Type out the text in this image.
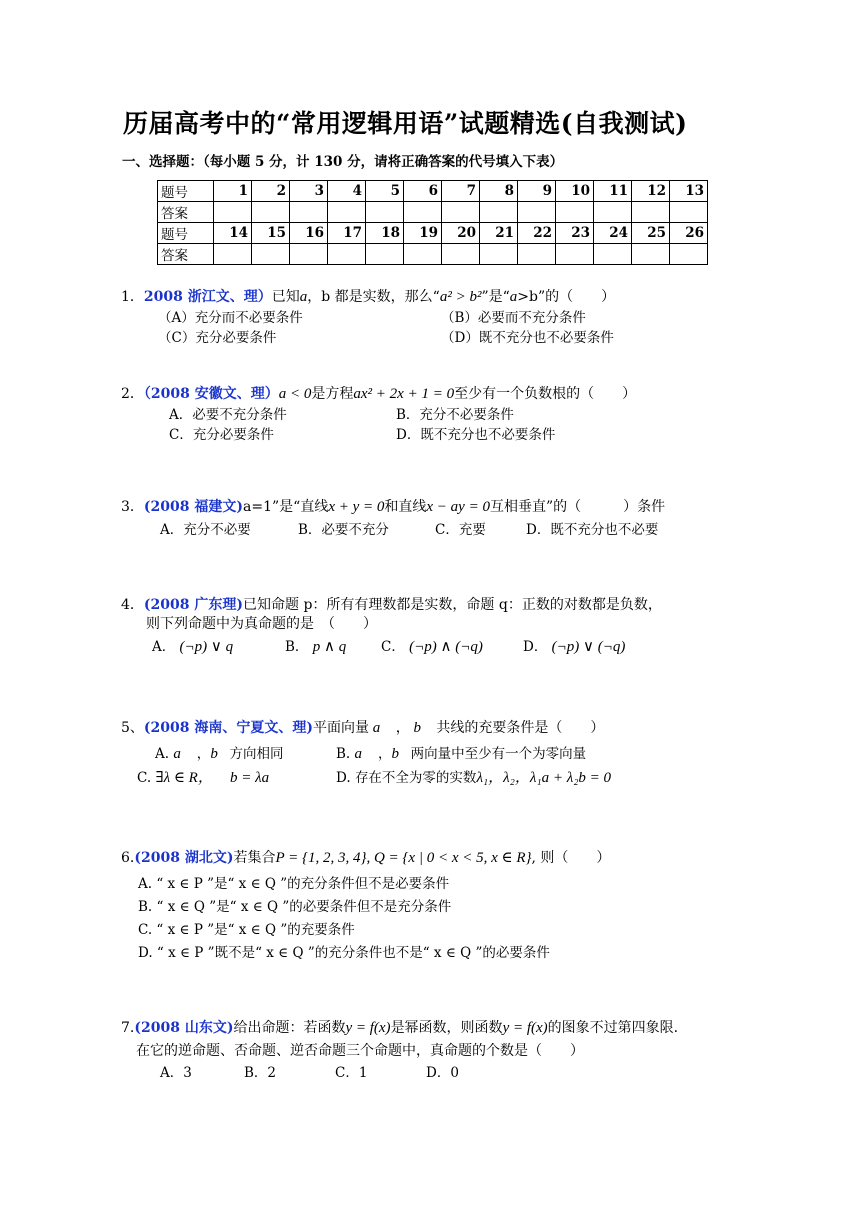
历届高考中的“常用逻辑用语”试题精选(自我测试)
一、选择题：（每小题 5 分，计 130 分，请将正确答案的代号填入下表）
题号	1	2	3	4	5	6	7	8	9	10	11	12	13
答案													
题号	14	15	16	17	18	19	20	21	22	23	24	25	26
答案													
1．2008 浙江文、理）已知a，b 都是实数，那么“a² > b²”是“a>b”的（　　）
（A）充分而不必要条件	（B）必要而不充分条件
（C）充分必要条件	（D）既不充分也不必要条件
2．（2008 安徽文、理）a < 0是方程ax² + 2x + 1 = 0至少有一个负数根的（　　）
A．必要不充分条件	B．充分不必要条件
C．充分必要条件	D．既不充分也不必要条件
3．(2008 福建文)a=1”是“直线x + y = 0和直线x − ay = 0互相垂直”的（　　　）条件
A．充分不必要	B．必要不充分	C．充要	D．既不充分也不必要
4．(2008 广东理)已知命题 p：所有有理数都是实数，命题 q：正数的对数都是负数，
则下列命题中为真命题的是　（　　）
A． (¬p) ∨ q	B． p ∧ q	C． (¬p) ∧ (¬q)	D． (¬p) ∨ (¬q)
5、(2008 海南、宁夏文、理)平面向量 a⃗ ， b⃗ 共线的充要条件是（　　）
A. a⃗ ，b⃗方向相同	B. a⃗ ，b⃗两向量中至少有一个为零向量
C. ∃λ ∈ R， b = λa	D. 存在不全为零的实数λ₁，λ₂，λ₁a + λ₂b = 0
6.(2008 湖北文)若集合P = {1, 2, 3, 4}, Q = {x | 0 < x < 5, x ∈ R}, 则（　　）
A. “ x ∈ P ”是“ x ∈ Q ”的充分条件但不是必要条件
B. “ x ∈ Q ”是“ x ∈ Q ”的必要条件但不是充分条件
C. “ x ∈ P ”是“ x ∈ Q ”的充要条件
D. “ x ∈ P ”既不是“ x ∈ Q ”的充分条件也不是“ x ∈ Q ”的必要条件
7.(2008 山东文)给出命题：若函数y = f(x)是幂函数，则函数y = f(x)的图象不过第四象限.
在它的逆命题、否命题、逆否命题三个命题中，真命题的个数是（　　）
A．3	B．2	C．1	D．0
